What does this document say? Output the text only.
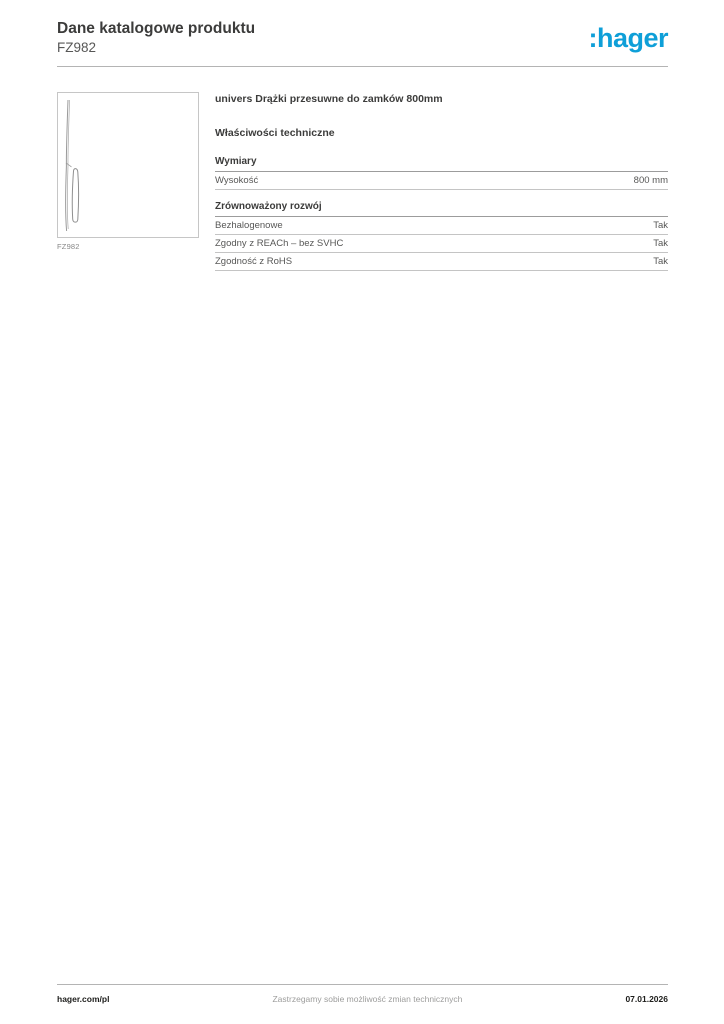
Dane katalogowe produktu
FZ982	:hager
FZ982
univers Drążki przesuwne do zamków 800mm
Właściwości techniczne
Wymiary
Wysokość	800 mm
Zrównoważony rozwój
Bezhalogenowe	Tak
Zgodny z REACh – bez SVHC	Tak
Zgodność z RoHS	Tak
hager.com/pl	Zastrzegamy sobie możliwość zmian technicznych	07.01.2026
